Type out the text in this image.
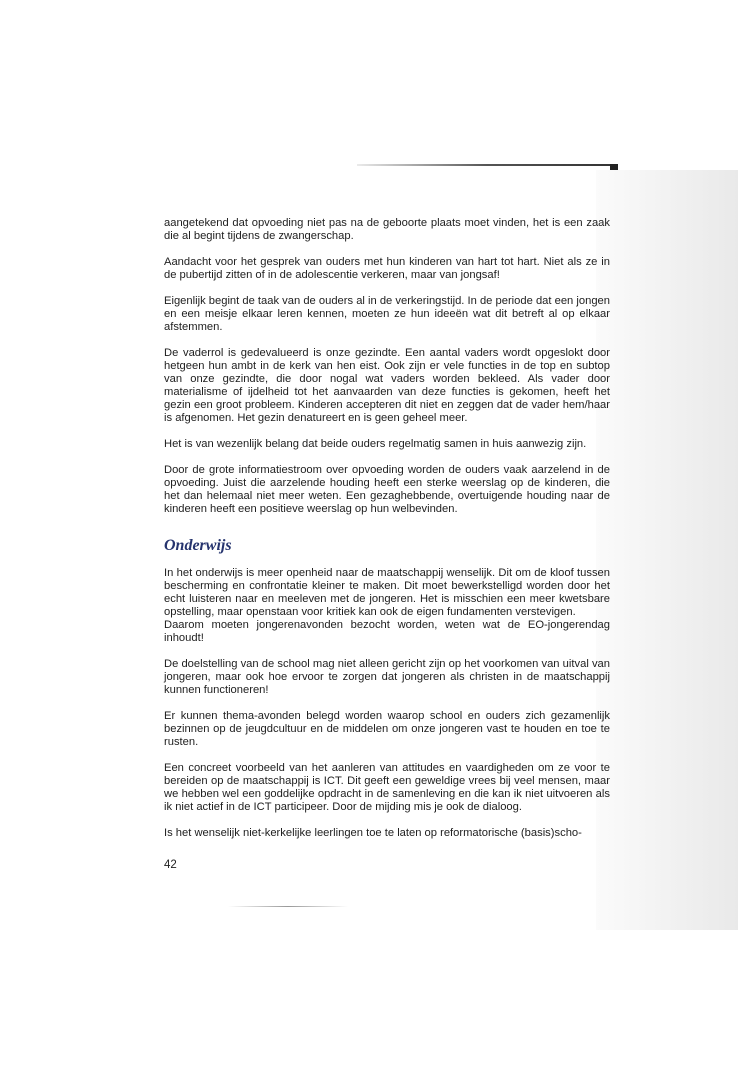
aangetekend dat opvoeding niet pas na de geboorte plaats moet vinden, het is een zaak die al begint tijdens de zwangerschap.

Aandacht voor het gesprek van ouders met hun kinderen van hart tot hart. Niet als ze in de pubertijd zitten of in de adolescentie verkeren, maar van jongsaf!

Eigenlijk begint de taak van de ouders al in de verkeringstijd. In de periode dat een jongen en een meisje elkaar leren kennen, moeten ze hun ideeën wat dit betreft al op elkaar afstemmen.

De vaderrol is gedevalueerd is onze gezindte. Een aantal vaders wordt opgeslokt door hetgeen hun ambt in de kerk van hen eist. Ook zijn er vele functies in de top en subtop van onze gezindte, die door nogal wat vaders worden bekleed. Als vader door materialisme of ijdelheid tot het aanvaarden van deze functies is gekomen, heeft het gezin een groot probleem. Kinderen accepteren dit niet en zeggen dat de vader hem/haar is afgenomen. Het gezin denatureert en is geen geheel meer.

Het is van wezenlijk belang dat beide ouders regelmatig samen in huis aanwezig zijn.

Door de grote informatiestroom over opvoeding worden de ouders vaak aarzelend in de opvoeding. Juist die aarzelende houding heeft een sterke weerslag op de kinderen, die het dan helemaal niet meer weten. Een gezaghebbende, overtuigende houding naar de kinderen heeft een positieve weerslag op hun welbevinden.

Onderwijs

In het onderwijs is meer openheid naar de maatschappij wenselijk. Dit om de kloof tussen bescherming en confrontatie kleiner te maken. Dit moet bewerkstelligd worden door het echt luisteren naar en meeleven met de jongeren. Het is misschien een meer kwetsbare opstelling, maar openstaan voor kritiek kan ook de eigen fundamenten verstevigen.

Daarom moeten jongerenavonden bezocht worden, weten wat de EO-jongerendag inhoudt!

De doelstelling van de school mag niet alleen gericht zijn op het voorkomen van uitval van jongeren, maar ook hoe ervoor te zorgen dat jongeren als christen in de maatschappij kunnen functioneren!

Er kunnen thema-avonden belegd worden waarop school en ouders zich gezamenlijk bezinnen op de jeugdcultuur en de middelen om onze jongeren vast te houden en toe te rusten.

Een concreet voorbeeld van het aanleren van attitudes en vaardigheden om ze voor te bereiden op de maatschappij is ICT. Dit geeft een geweldige vrees bij veel mensen, maar we hebben wel een goddelijke opdracht in de samenleving en die kan ik niet uitvoeren als ik niet actief in de ICT participeer. Door de mijding mis je ook de dialoog.

Is het wenselijk niet-kerkelijke leerlingen toe te laten op reformatorische (basis)scho-

42
